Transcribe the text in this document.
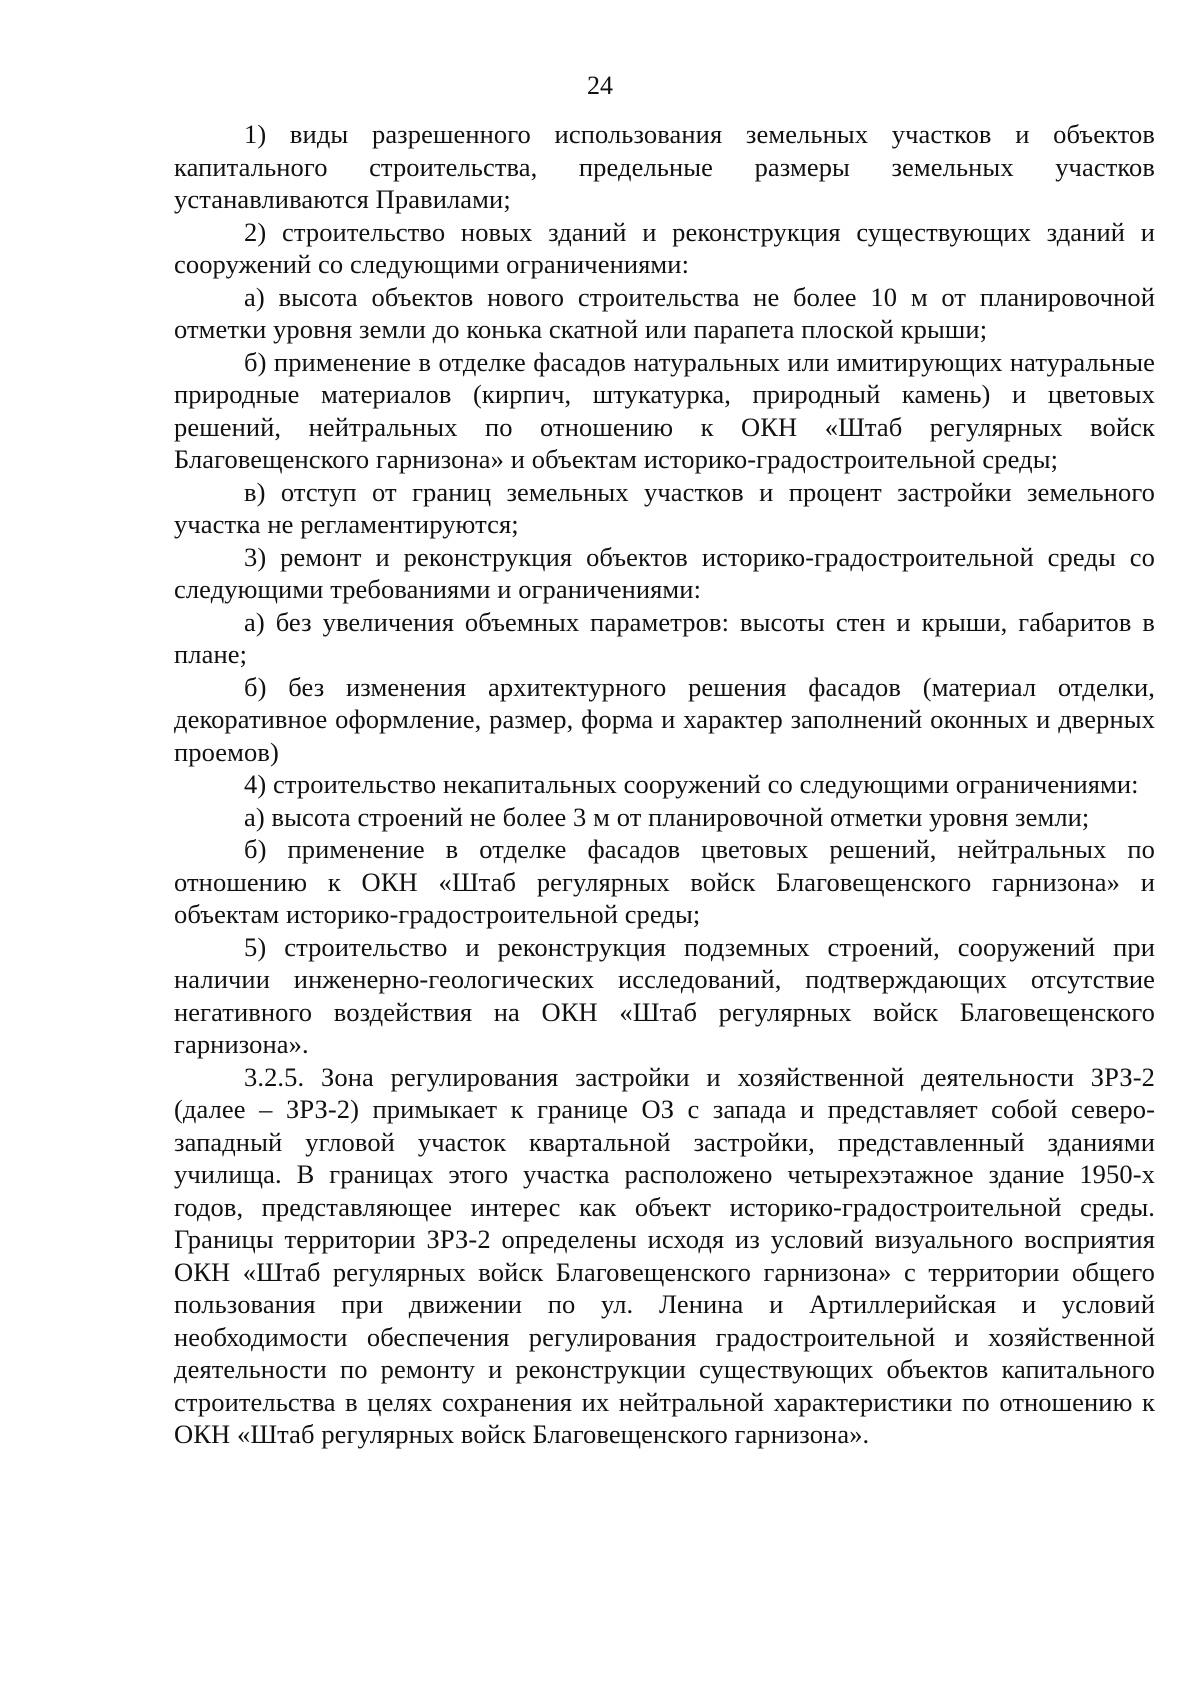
24

1) виды разрешенного использования земельных участков и объектов капитального строительства, предельные размеры земельных участков устанавливаются Правилами;

2) строительство новых зданий и реконструкция существующих зданий и сооружений со следующими ограничениями:

а) высота объектов нового строительства не более 10 м от планировочной отметки уровня земли до конька скатной или парапета плоской крыши;

б) применение в отделке фасадов натуральных или имитирующих натуральные природные материалов (кирпич, штукатурка, природный камень) и цветовых решений, нейтральных по отношению к ОКН «Штаб регулярных войск Благовещенского гарнизона» и объектам историко-градостроительной среды;

в) отступ от границ земельных участков и процент застройки земельного участка не регламентируются;

3) ремонт и реконструкция объектов историко-градостроительной среды со следующими требованиями и ограничениями:

а) без увеличения объемных параметров: высоты стен и крыши, габаритов в плане;

б) без изменения архитектурного решения фасадов (материал отделки, декоративное оформление, размер, форма и характер заполнений оконных и дверных проемов)

4) строительство некапитальных сооружений со следующими ограничениями:

а) высота строений не более 3 м от планировочной отметки уровня земли;

б) применение в отделке фасадов цветовых решений, нейтральных по отношению к ОКН «Штаб регулярных войск Благовещенского гарнизона» и объектам историко-градостроительной среды;

5) строительство и реконструкция подземных строений, сооружений при наличии инженерно-геологических исследований, подтверждающих отсутствие негативного воздействия на ОКН «Штаб регулярных войск Благовещенского гарнизона».

3.2.5. Зона регулирования застройки и хозяйственной деятельности ЗРЗ-2 (далее – ЗРЗ-2) примыкает к границе ОЗ с запада и представляет собой северо-западный угловой участок квартальной застройки, представленный зданиями училища. В границах этого участка расположено четырехэтажное здание 1950-х годов, представляющее интерес как объект историко-градостроительной среды. Границы территории ЗРЗ-2 определены исходя из условий визуального восприятия ОКН «Штаб регулярных войск Благовещенского гарнизона» с территории общего пользования при движении по ул. Ленина и Артиллерийская и условий необходимости обеспечения регулирования градостроительной и хозяйственной деятельности по ремонту и реконструкции существующих объектов капитального строительства в целях сохранения их нейтральной характеристики по отношению к ОКН «Штаб регулярных войск Благовещенского гарнизона».
